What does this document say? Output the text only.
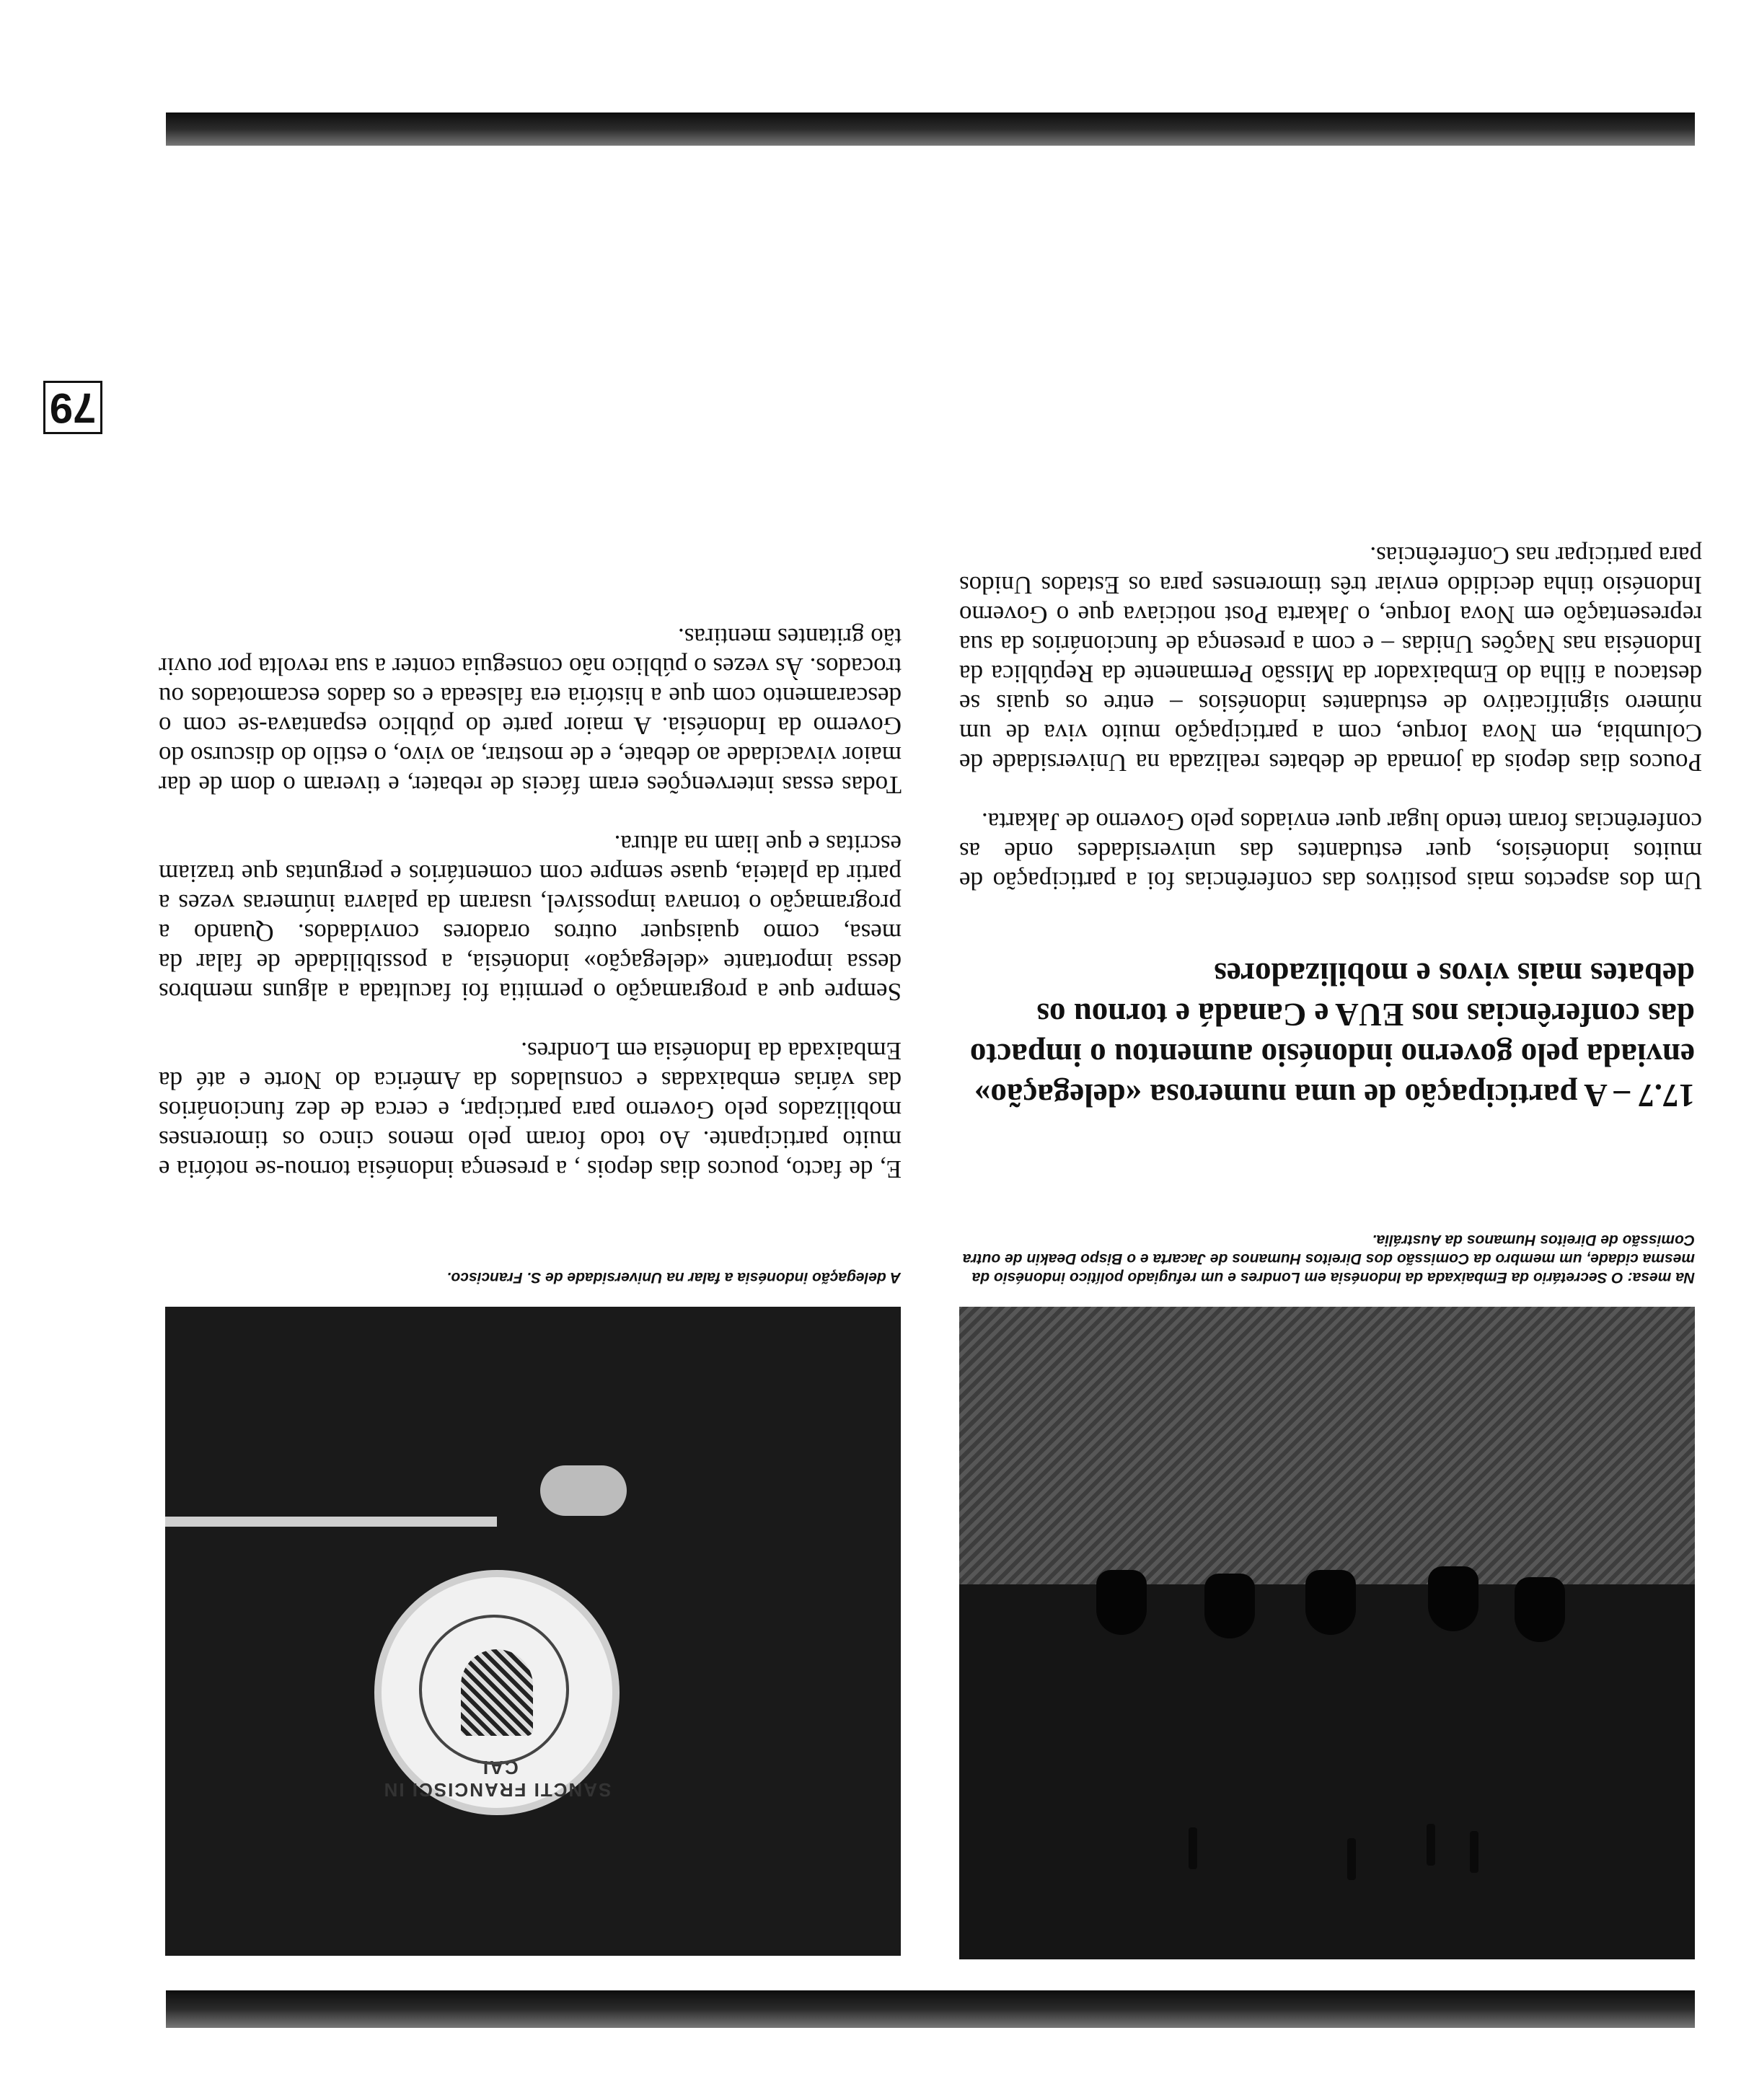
SANCTI FRANCISCI IN CAL
Na mesa: O Secretário da Embaixada da Indonésia em Londres e um refugiado político indonésio da mesma cidade, um membro da Comissão dos Direitos Humanos de Jacarta e o Bispo Deakin de outra Comissão de Direitos Humanos da Austrália.
A delegação indonésia a falar na Universidade de S. Francisco.
17.7 – A participação de uma numerosa «delegação» enviada pelo governo indonésio aumentou o impacto das conferências nos EUA e Canadá e tornou os debates mais vivos e mobilizadores

Um dos aspectos mais positivos das conferências foi a participação de muitos indonésios, quer estudantes das universidades onde as conferências foram tendo lugar quer enviados pelo Governo de Jakarta.

Poucos dias depois da jornada de debates realizada na Universidade de Columbia, em Nova Iorque, com a participação muito viva de um número significativo de estudantes indonésios – entre os quais se destacou a filha do Embaixador da Missão Permanente da República da Indonésia nas Nações Unidas – e com a presença de funcionários da sua representação em Nova Iorque, o Jakarta Post noticiava que o Governo Indonésio tinha decidido enviar três timorenses para os Estados Unidos para participar nas Conferências.

E, de facto, poucos dias depois , a presença indonésia tornou-se notória e muito participante. Ao todo foram pelo menos cinco os timorenses mobilizados pelo Governo para participar, e cerca de dez funcionários das várias embaixadas e consulados da América do Norte e até da Embaixada da Indonésia em Londres.

Sempre que a programação o permitia foi facultada a alguns membros dessa importante «delegação» indonésia, a possibilidade de falar da mesa, como quaisquer outros oradores convidados. Quando a programação o tornava impossível, usaram da palavra inúmeras vezes a partir da plateia, quase sempre com comentários e perguntas que traziam escritas e que liam na altura.

Todas essas intervenções eram fáceis de rebater, e tiveram o dom de dar maior vivacidade ao debate, e de mostrar, ao vivo, o estilo do discurso do Governo da Indonésia. A maior parte do público espantava-se com o descaramento com que a história era falseada e os dados escamotados ou trocados. Às vezes o público não conseguia conter a sua revolta por ouvir tão gritantes mentiras.

79
